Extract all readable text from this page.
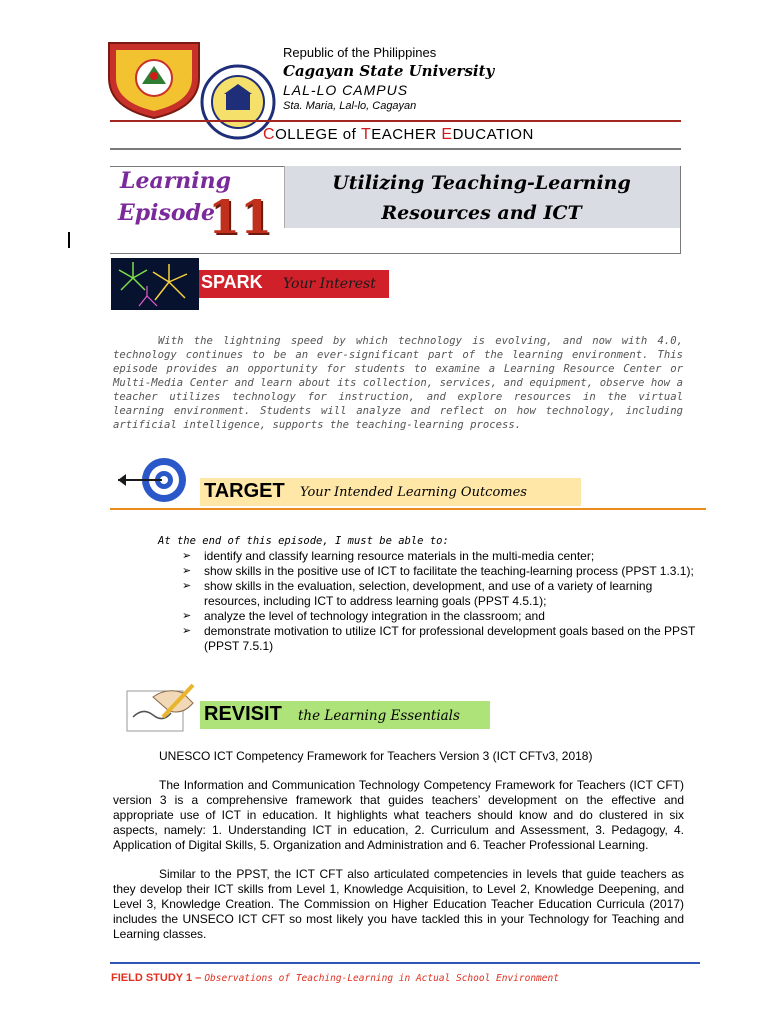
Republic of the Philippines
Cagayan State University
LAL-LO CAMPUS
Sta. Maria, Lal-lo, Cagayan
COLLEGE of TEACHER EDUCATION
Learning
Episode
11
Utilizing Teaching-Learning
Resources and ICT
SPARK Your Interest
With the lightning speed by which technology is evolving, and now with 4.0, technology continues to be an ever-significant part of the learning environment. This episode provides an opportunity for students to examine a Learning Resource Center or Multi-Media Center and learn about its collection, services, and equipment, observe how a teacher utilizes technology for instruction, and explore resources in the virtual learning environment. Students will analyze and reflect on how technology, including artificial intelligence, supports the teaching-learning process.
TARGET Your Intended Learning Outcomes
At the end of this episode, I must be able to:
➢ identify and classify learning resource materials in the multi-media center;
➢ show skills in the positive use of ICT to facilitate the teaching-learning process (PPST 1.3.1);
➢ show skills in the evaluation, selection, development, and use of a variety of learning resources, including ICT to address learning goals (PPST 4.5.1);
➢ analyze the level of technology integration in the classroom; and
➢ demonstrate motivation to utilize ICT for professional development goals based on the PPST (PPST 7.5.1)
REVISIT the Learning Essentials
UNESCO ICT Competency Framework for Teachers Version 3 (ICT CFTv3, 2018)
The Information and Communication Technology Competency Framework for Teachers (ICT CFT) version 3 is a comprehensive framework that guides teachers’ development on the effective and appropriate use of ICT in education. It highlights what teachers should know and do clustered in six aspects, namely: 1. Understanding ICT in education, 2. Curriculum and Assessment, 3. Pedagogy, 4. Application of Digital Skills, 5. Organization and Administration and 6. Teacher Professional Learning.
Similar to the PPST, the ICT CFT also articulated competencies in levels that guide teachers as they develop their ICT skills from Level 1, Knowledge Acquisition, to Level 2, Knowledge Deepening, and Level 3, Knowledge Creation. The Commission on Higher Education Teacher Education Curricula (2017) includes the UNSECO ICT CFT so most likely you have tackled this in your Technology for Teaching and Learning classes.
FIELD STUDY 1 – Observations of Teaching-Learning in Actual School Environment
